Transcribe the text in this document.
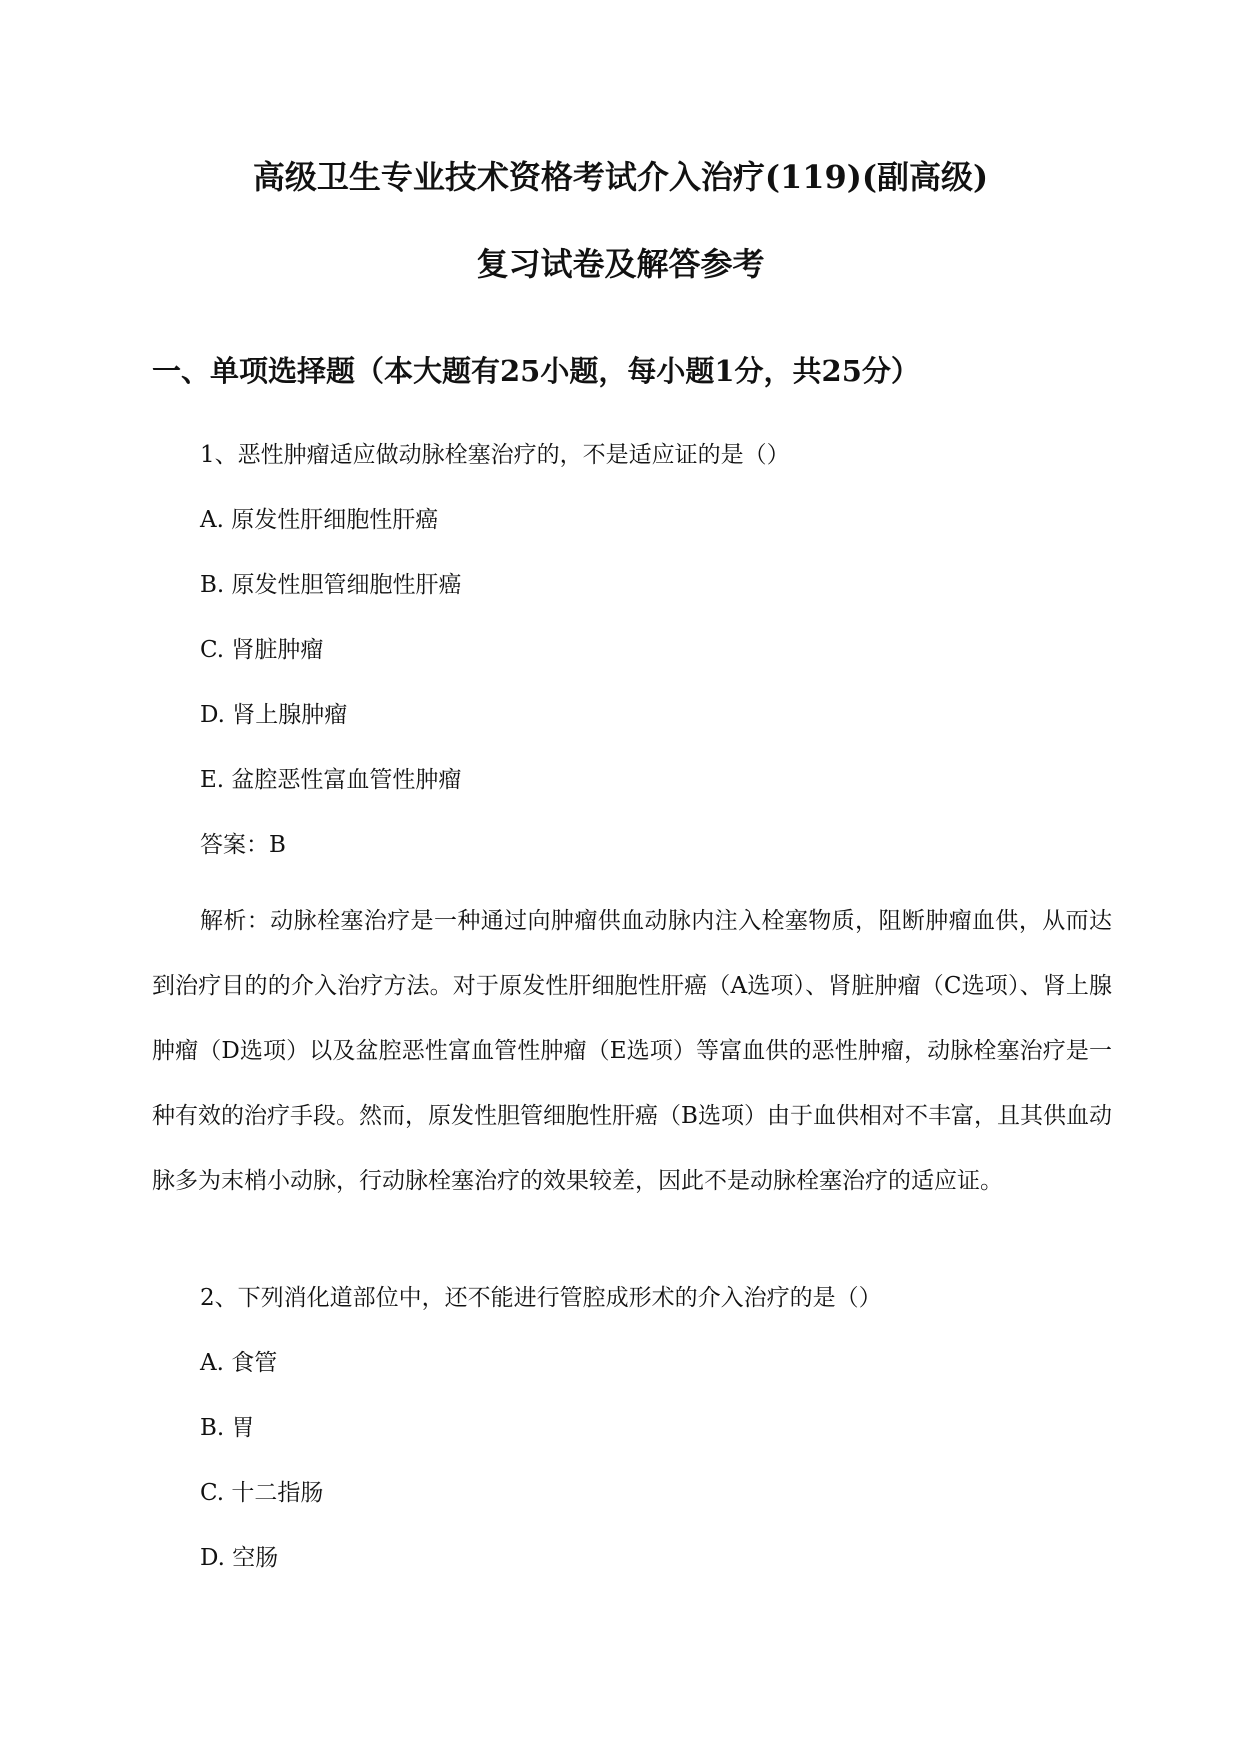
高级卫生专业技术资格考试介入治疗(119)(副高级)
复习试卷及解答参考
一、单项选择题（本大题有25小题，每小题1分，共25分）
1、恶性肿瘤适应做动脉栓塞治疗的，不是适应证的是（）
A. 原发性肝细胞性肝癌
B. 原发性胆管细胞性肝癌
C. 肾脏肿瘤
D. 肾上腺肿瘤
E. 盆腔恶性富血管性肿瘤
答案：B
解析：动脉栓塞治疗是一种通过向肿瘤供血动脉内注入栓塞物质，阻断肿瘤血供，从而达到治疗目的的介入治疗方法。对于原发性肝细胞性肝癌（A选项）、肾脏肿瘤（C选项）、肾上腺肿瘤（D选项）以及盆腔恶性富血管性肿瘤（E选项）等富血供的恶性肿瘤，动脉栓塞治疗是一种有效的治疗手段。然而，原发性胆管细胞性肝癌（B选项）由于血供相对不丰富，且其供血动脉多为末梢小动脉，行动脉栓塞治疗的效果较差，因此不是动脉栓塞治疗的适应证。
2、下列消化道部位中，还不能进行管腔成形术的介入治疗的是（）
A. 食管
B. 胃
C. 十二指肠
D. 空肠
